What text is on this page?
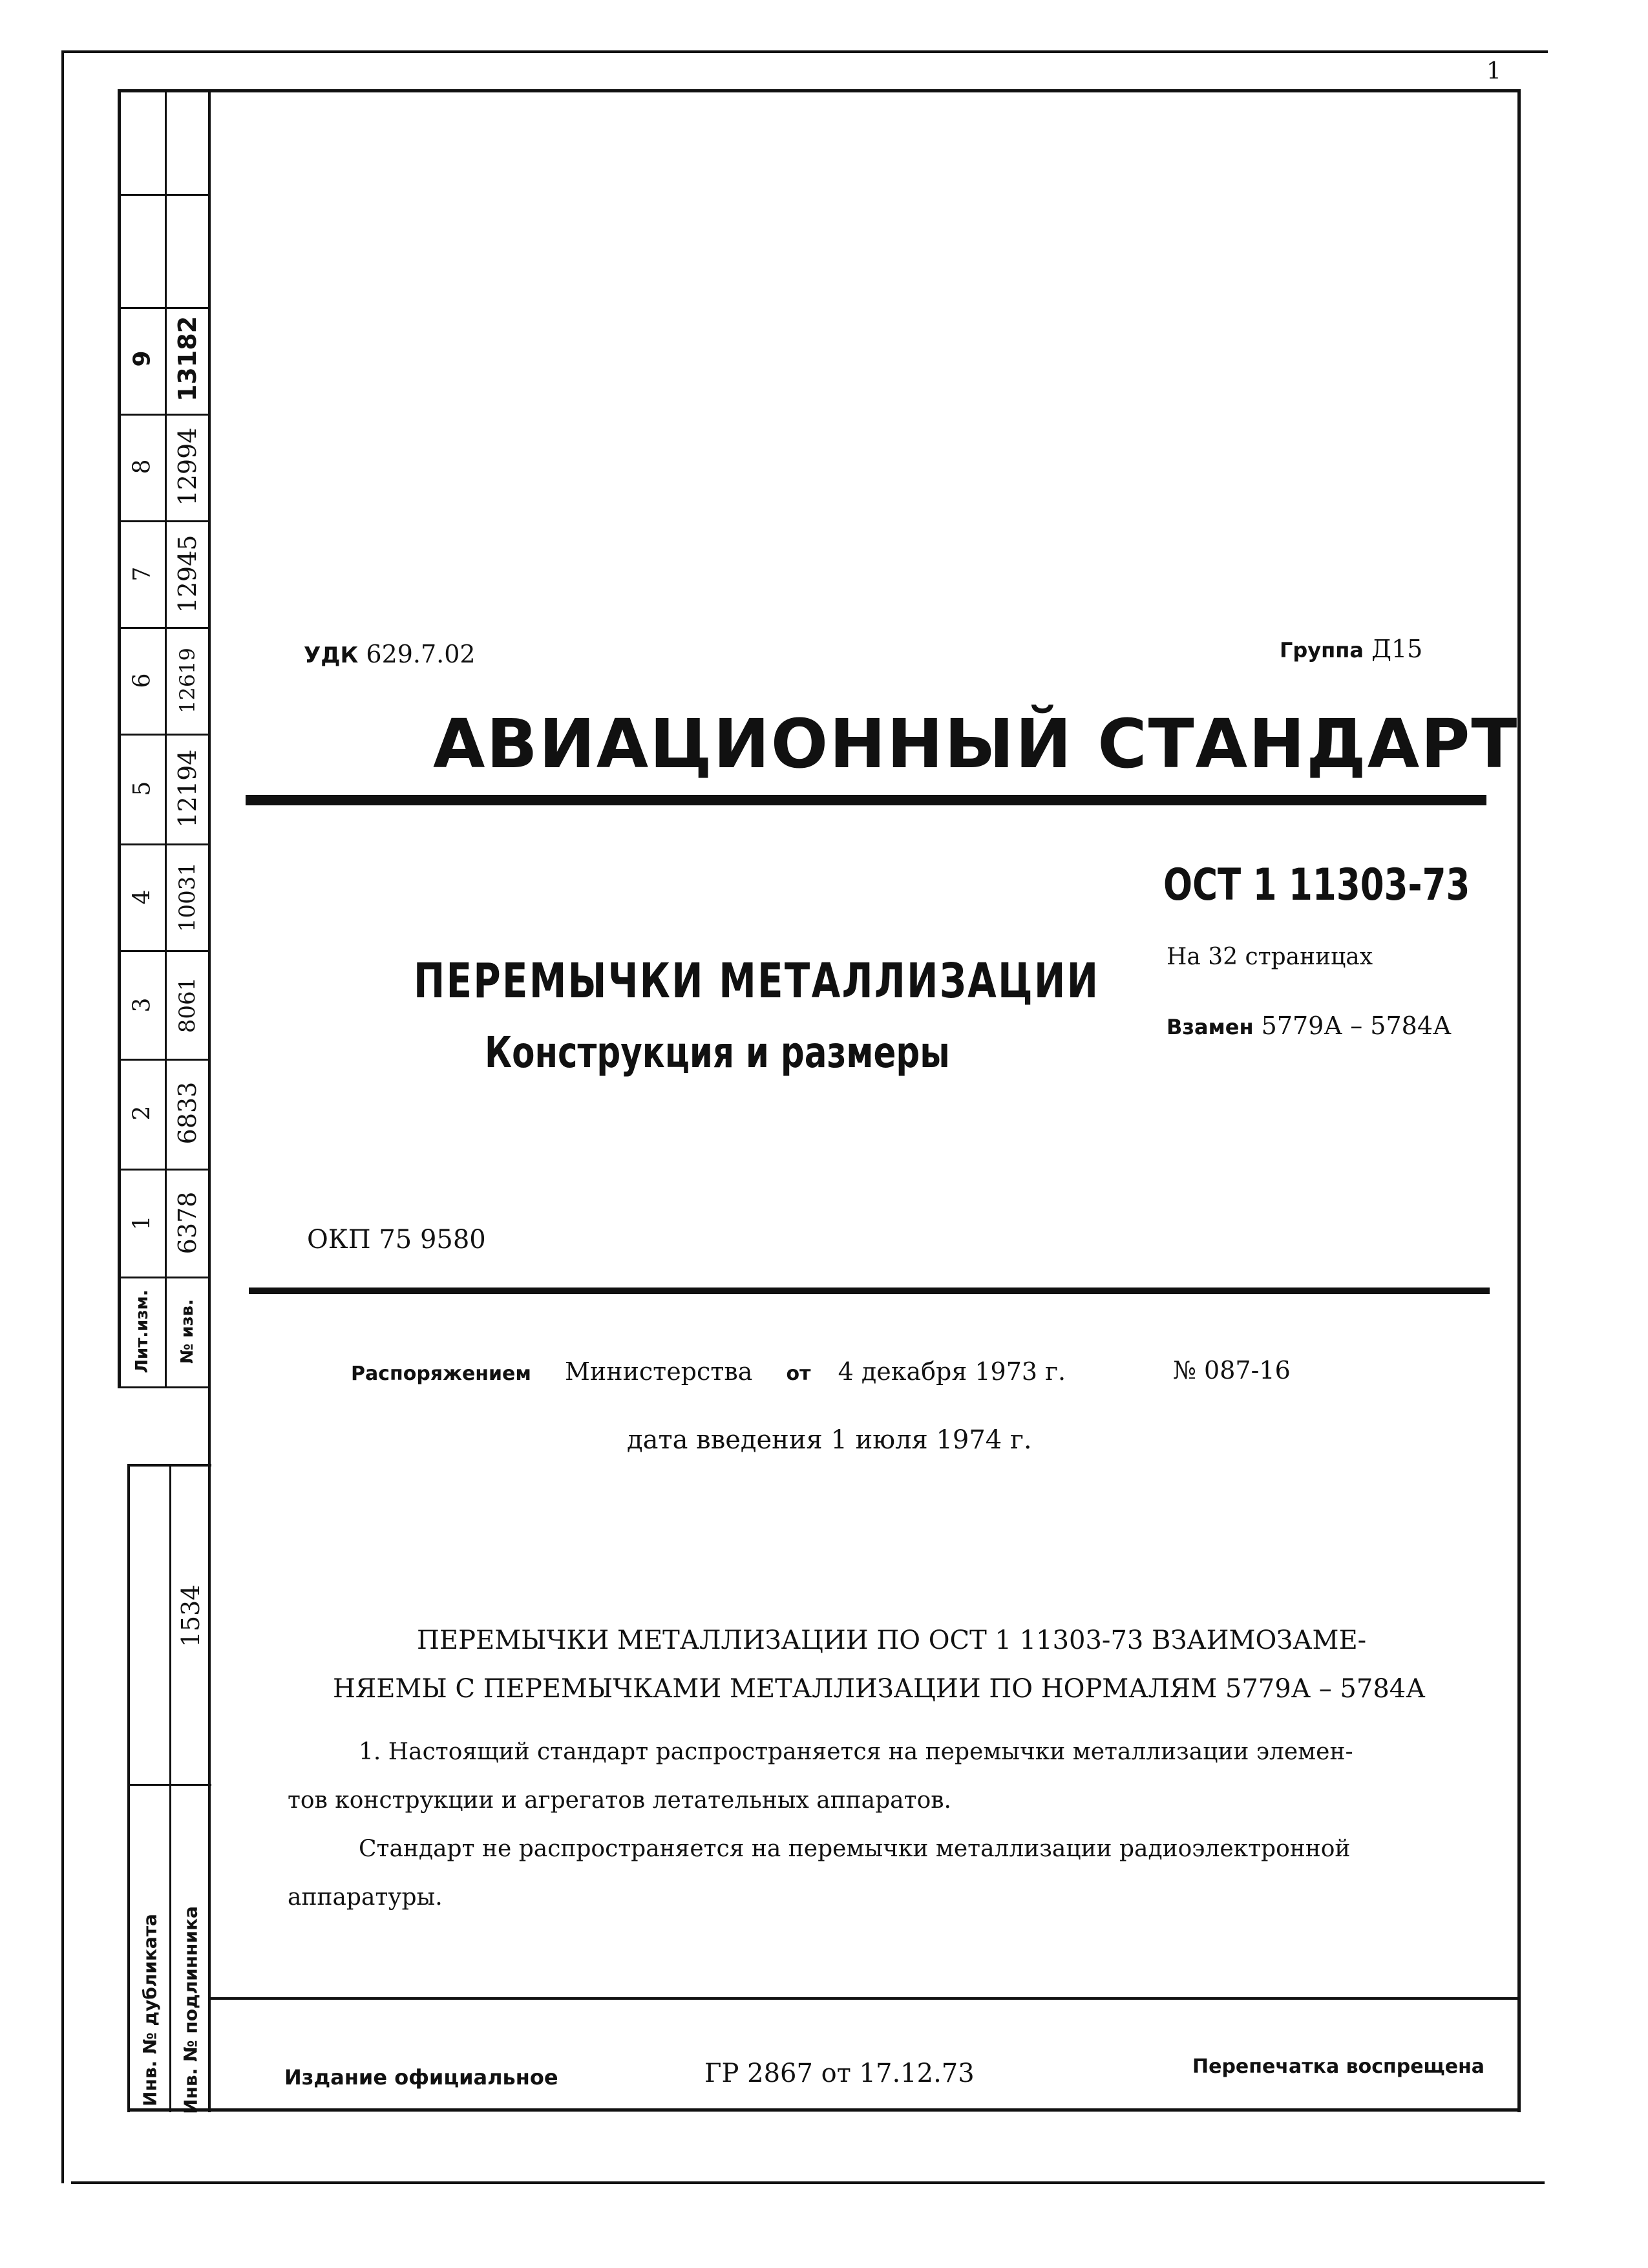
1
9 13182
8 12994
7 12945
6 12619
5 12194
4 10031
3 8061
2 6833
1 6378
Лит.изм. № изв.
1534
Инв. № дубликата Инв. № подлинника
УДК 629.7.02	Группа Д15
АВИАЦИОННЫЙ СТАНДАРТ
ОСТ 1 11303-73
На 32 страницах
Взамен 5779А – 5784А
ПЕРЕМЫЧКИ МЕТАЛЛИЗАЦИИ
Конструкция и размеры
ОКП 75 9580
Распоряжением Министерства от 4 декабря 1973 г.	№ 087-16
дата введения 1 июля 1974 г.
ПЕРЕМЫЧКИ МЕТАЛЛИЗАЦИИ ПО ОСТ 1 11303-73 ВЗАИМОЗАМЕ-
НЯЕМЫ С ПЕРЕМЫЧКАМИ МЕТАЛЛИЗАЦИИ ПО НОРМАЛЯМ 5779А – 5784А
1. Настоящий стандарт распространяется на перемычки металлизации элемен-
тов конструкции и агрегатов летательных аппаратов.
Стандарт не распространяется на перемычки металлизации радиоэлектронной
аппаратуры.
Издание официальное	ГР 2867 от 17.12.73	Перепечатка воспрещена
